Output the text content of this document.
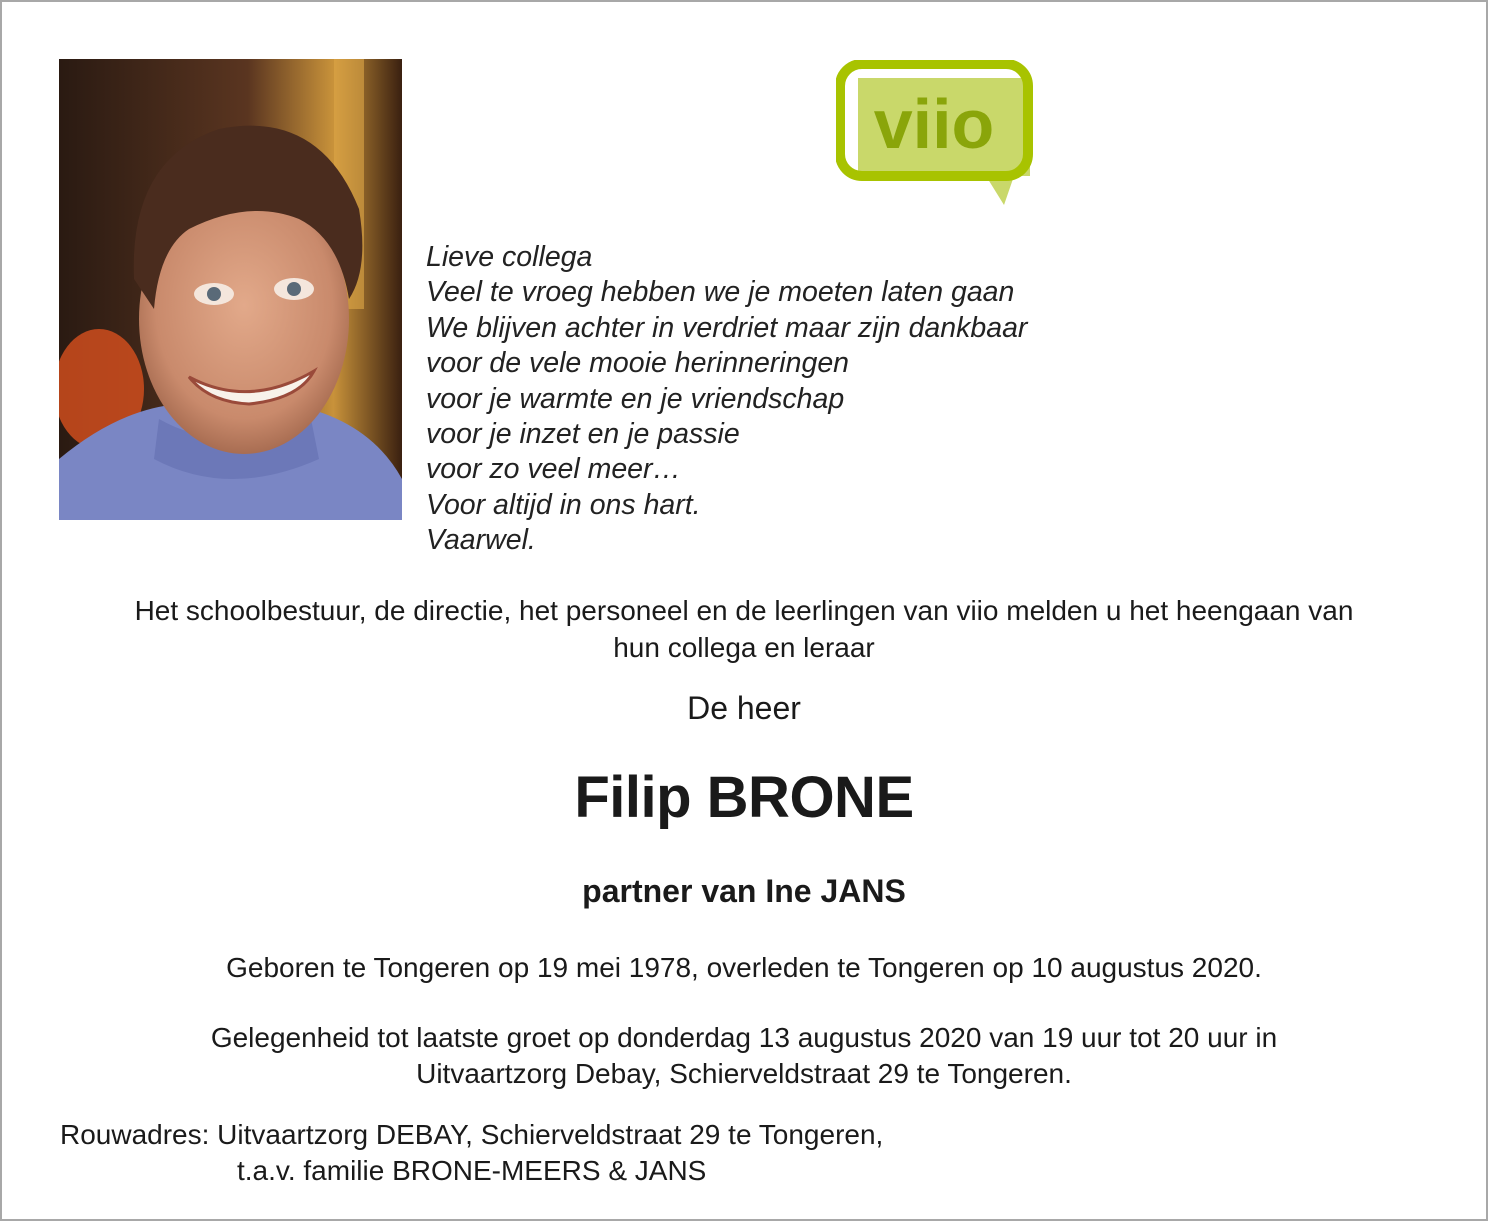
viio
Lieve collega
Veel te vroeg hebben we je moeten laten gaan
We blijven achter in verdriet maar zijn dankbaar
voor de vele mooie herinneringen
voor je warmte en je vriendschap
voor je inzet en je passie
voor zo veel meer…
Voor altijd in ons hart.
Vaarwel.
Het schoolbestuur, de directie, het personeel en de leerlingen van viio melden u het heengaan van
hun collega en leraar
De heer
Filip BRONE
partner van Ine JANS
Geboren te Tongeren op 19 mei 1978, overleden te Tongeren op 10 augustus 2020.
Gelegenheid tot laatste groet op donderdag 13 augustus 2020 van 19 uur tot 20 uur in
Uitvaartzorg Debay, Schierveldstraat 29 te Tongeren.
Rouwadres: Uitvaartzorg DEBAY, Schierveldstraat 29 te Tongeren,
t.a.v. familie BRONE-MEERS & JANS
